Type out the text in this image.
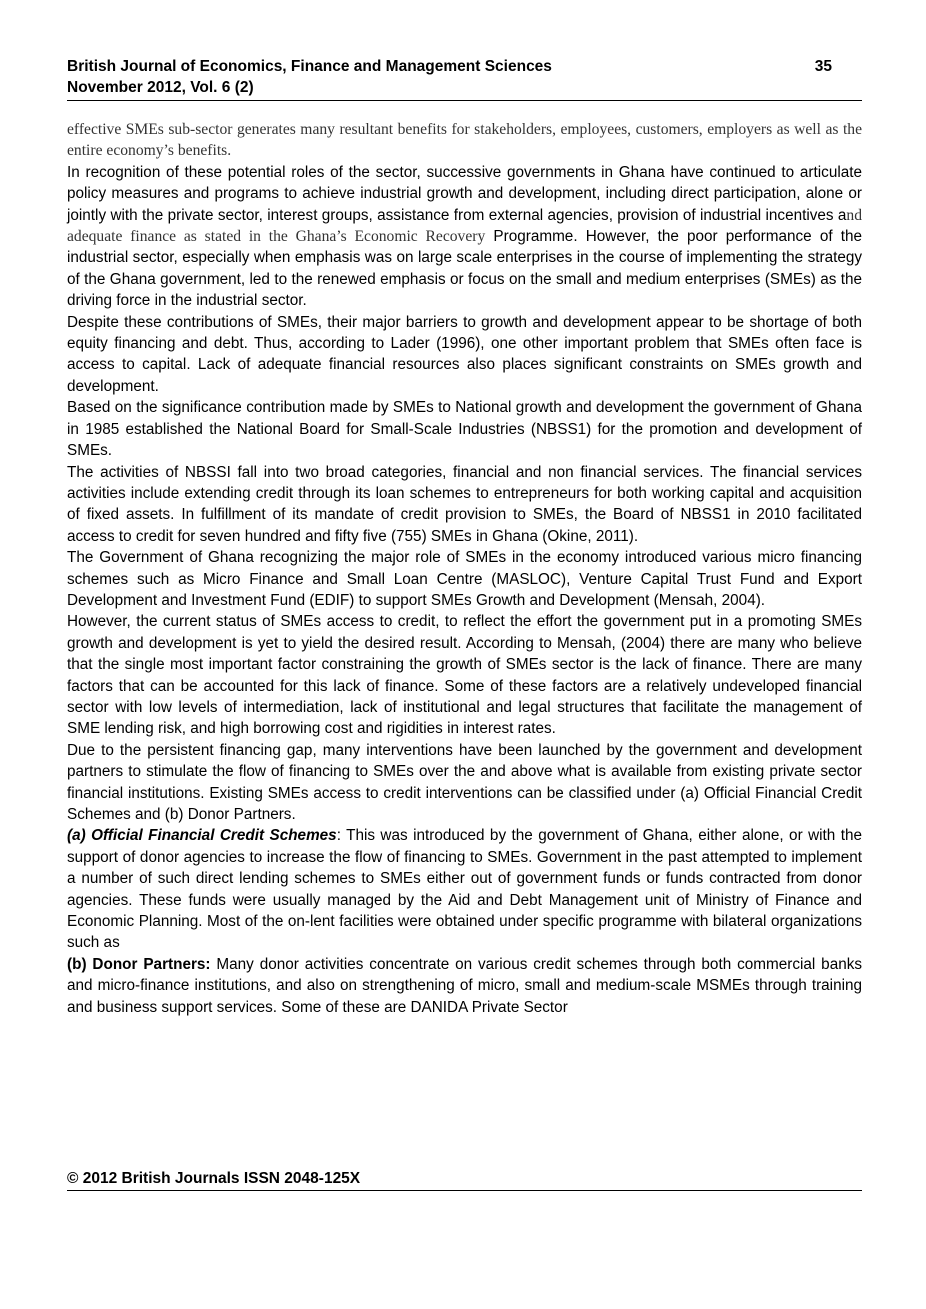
British Journal of Economics, Finance and Management Sciences
November 2012, Vol. 6 (2)
35

effective SMEs sub-sector generates many resultant benefits for stakeholders, employees, customers, employers as well as the entire economy’s benefits.

In recognition of these potential roles of the sector, successive governments in Ghana have continued to articulate policy measures and programs to achieve industrial growth and development, including direct participation, alone or jointly with the private sector, interest groups, assistance from external agencies, provision of industrial incentives and adequate finance as stated in the Ghana’s Economic Recovery Programme. However, the poor performance of the industrial sector, especially when emphasis was on large scale enterprises in the course of implementing the strategy of the Ghana government, led to the renewed emphasis or focus on the small and medium enterprises (SMEs) as the driving force in the industrial sector.

Despite these contributions of SMEs, their major barriers to growth and development appear to be shortage of both equity financing and debt. Thus, according to Lader (1996), one other important problem that SMEs often face is access to capital. Lack of adequate financial resources also places significant constraints on SMEs growth and development.

Based on the significance contribution made by SMEs to National growth and development the government of Ghana in 1985 established the National Board for Small-Scale Industries (NBSS1) for the promotion and development of SMEs.

The activities of NBSSI fall into two broad categories, financial and non financial services. The financial services activities include extending credit through its loan schemes to entrepreneurs for both working capital and acquisition of fixed assets. In fulfillment of its mandate of credit provision to SMEs, the Board of NBSS1 in 2010 facilitated access to credit for seven hundred and fifty five (755) SMEs in Ghana (Okine, 2011).

The Government of Ghana recognizing the major role of SMEs in the economy introduced various micro financing schemes such as Micro Finance and Small Loan Centre (MASLOC), Venture Capital Trust Fund and Export Development and Investment Fund (EDIF) to support SMEs Growth and Development (Mensah, 2004).

However, the current status of SMEs access to credit, to reflect the effort the government put in a promoting SMEs growth and development is yet to yield the desired result. According to Mensah, (2004) there are many who believe that the single most important factor constraining the growth of SMEs sector is the lack of finance. There are many factors that can be accounted for this lack of finance. Some of these factors are a relatively undeveloped financial sector with low levels of intermediation, lack of institutional and legal structures that facilitate the management of SME lending risk, and high borrowing cost and rigidities in interest rates.

Due to the persistent financing gap, many interventions have been launched by the government and development partners to stimulate the flow of financing to SMEs over the and above what is available from existing private sector financial institutions. Existing SMEs access to credit interventions can be classified under (a) Official Financial Credit Schemes and (b) Donor Partners.

(a) Official Financial Credit Schemes: This was introduced by the government of Ghana, either alone, or with the support of donor agencies to increase the flow of financing to SMEs. Government in the past attempted to implement a number of such direct lending schemes to SMEs either out of government funds or funds contracted from donor agencies. These funds were usually managed by the Aid and Debt Management unit of Ministry of Finance and Economic Planning. Most of the on-lent facilities were obtained under specific programme with bilateral organizations such as

(b) Donor Partners: Many donor activities concentrate on various credit schemes through both commercial banks and micro-finance institutions, and also on strengthening of micro, small and medium-scale MSMEs through training and business support services. Some of these are DANIDA Private Sector

© 2012 British Journals ISSN 2048-125X
